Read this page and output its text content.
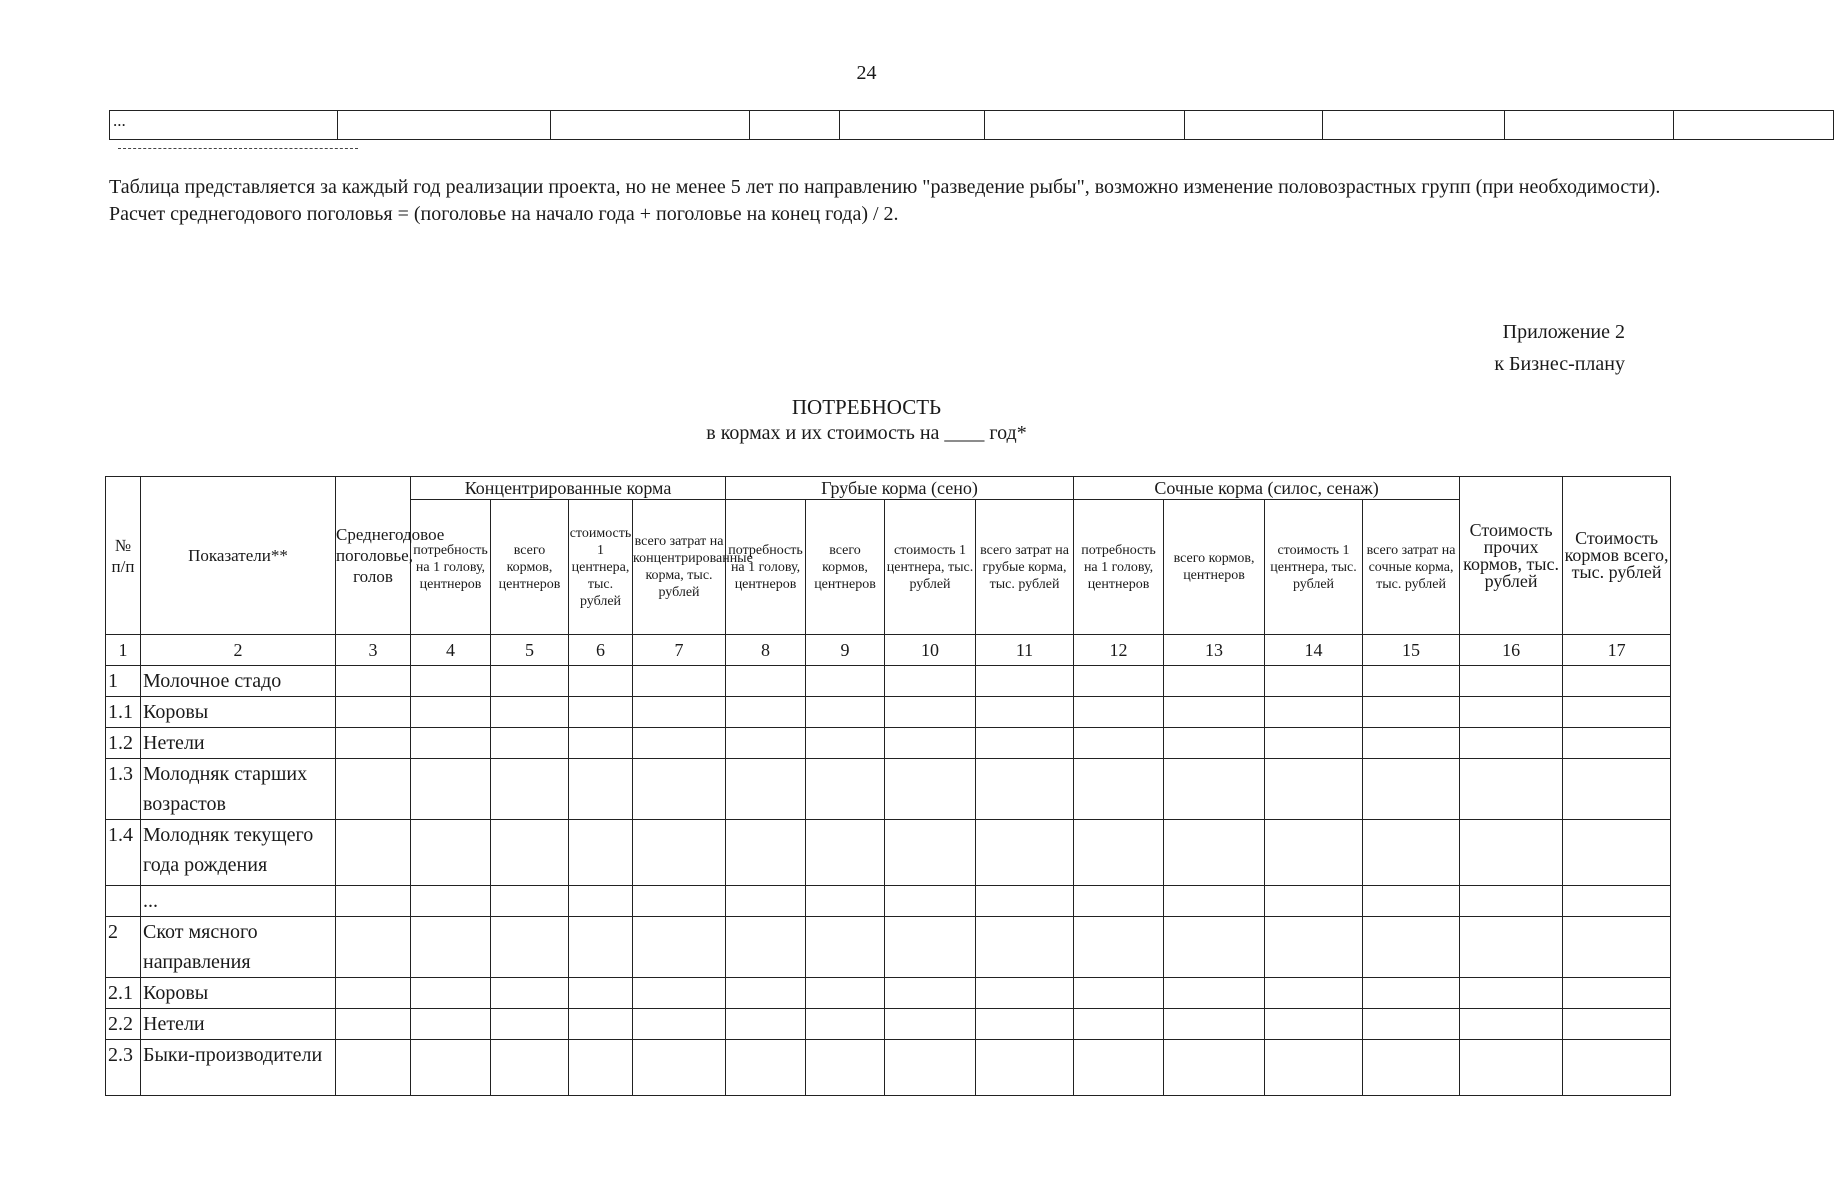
24
...									
Таблица представляется за каждый год реализации проекта, но не менее 5 лет по направлению "разведение рыбы", возможно изменение половозрастных групп (при необходимости). Расчет среднегодового поголовья = (поголовье на начало года + поголовье на конец года) / 2.
Приложение 2
к Бизнес-плану
ПОТРЕБНОСТЬ
в кормах и их стоимость на ____ год*
№ п/п	Показатели**	Среднегодовое поголовье, голов	Концентрированные корма				Грубые корма (сено)				Сочные корма (силос, сенаж)				Стоимость прочих кормов, тыс. рублей	Стоимость кормов всего, тыс. рублей
			потребность на 1 голову, центнеров	всего кормов, центнеров	стоимость 1 центнера, тыс. рублей	всего затрат на концентрированные корма, тыс. рублей	потребность на 1 голову, центнеров	всего кормов, центнеров	стоимость 1 центнера, тыс. рублей	всего затрат на грубые корма, тыс. рублей	потребность на 1 голову, центнеров	всего кормов, центнеров	стоимость 1 центнера, тыс. рублей	всего затрат на сочные корма, тыс. рублей		
1	2	3	4	5	6	7	8	9	10	11	12	13	14	15	16	17
1	Молочное стадо															
1.1	Коровы															
1.2	Нетели															
1.3	Молодняк старших возрастов															
1.4	Молодняк текущего года рождения															
	...															
2	Скот мясного направления															
2.1	Коровы															
2.2	Нетели															
2.3	Быки-производители															
